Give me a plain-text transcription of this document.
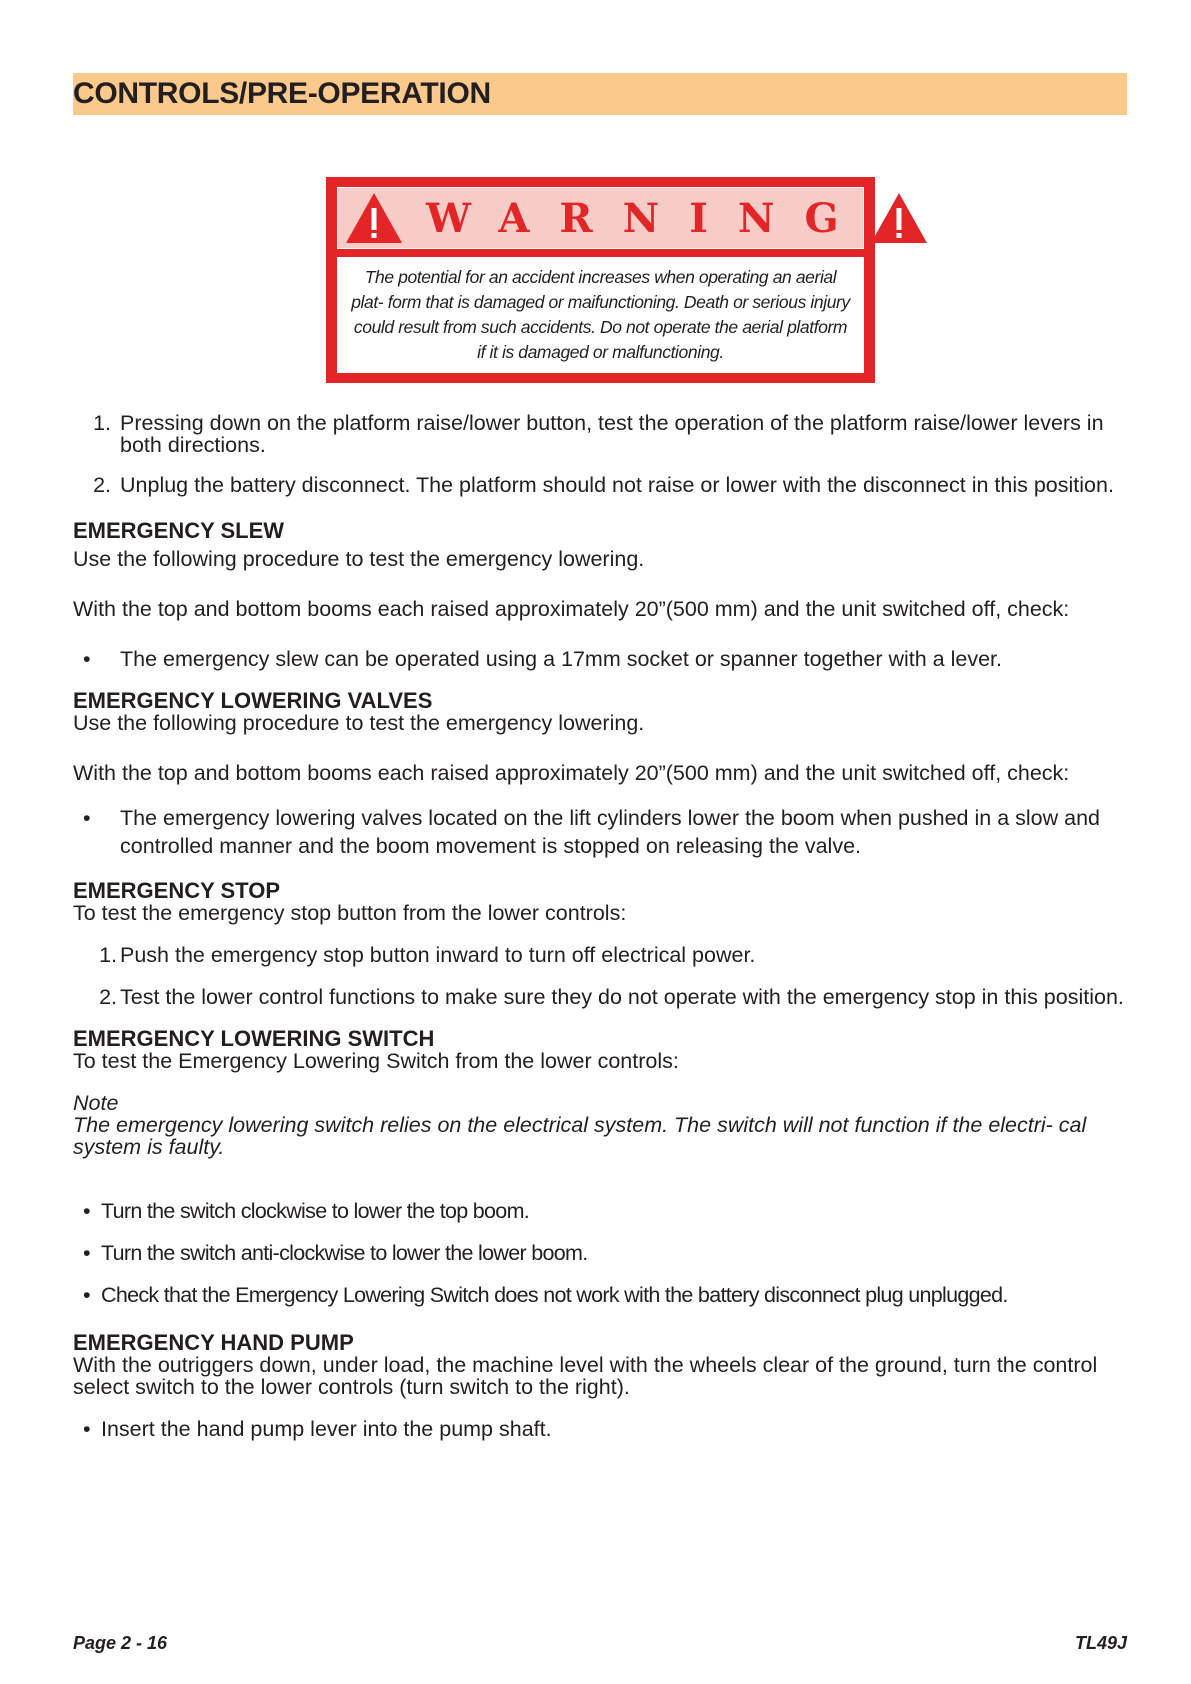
CONTROLS/PRE-OPERATION
WARNING

The potential for an accident increases when operating an aerial plat- form that is damaged or maifunctioning. Death or serious injury could result from such accidents. Do not operate the aerial platform if it is damaged or malfunctioning.

1. Pressing down on the platform raise/lower button, test the operation of the platform raise/lower levers in both directions.
2. Unplug the battery disconnect. The platform should not raise or lower with the disconnect in this position.
EMERGENCY SLEW

Use the following procedure to test the emergency lowering.

With the top and bottom booms each raised approximately 20”(500 mm) and the unit switched off, check:

•	The emergency slew can be operated using a 17mm socket or spanner together with a lever.
EMERGENCY LOWERING VALVES

Use the following procedure to test the emergency lowering.

With the top and bottom booms each raised approximately 20”(500 mm) and the unit switched off, check:

•	The emergency lowering valves located on the lift cylinders lower the boom when pushed in a slow and controlled manner and the boom movement is stopped on releasing the valve.
EMERGENCY STOP

To test the emergency stop button from the lower controls:

1. Push the emergency stop button inward to turn off electrical power.
2. Test the lower control functions to make sure they do not operate with the emergency stop in this position.
EMERGENCY LOWERING SWITCH

To test the Emergency Lowering Switch from the lower controls:

Note

The emergency lowering switch relies on the electrical system. The switch will not function if the electri- cal system is faulty.

• Turn the switch clockwise to lower the top boom.
• Turn the switch anti-clockwise to lower the lower boom.
• Check that the Emergency Lowering Switch does not work with the battery disconnect plug unplugged.
EMERGENCY HAND PUMP

With the outriggers down, under load, the machine level with the wheels clear of the ground, turn the control select switch to the lower controls (turn switch to the right).

• Insert the hand pump lever into the pump shaft.
Page 2 - 16	TL49J
